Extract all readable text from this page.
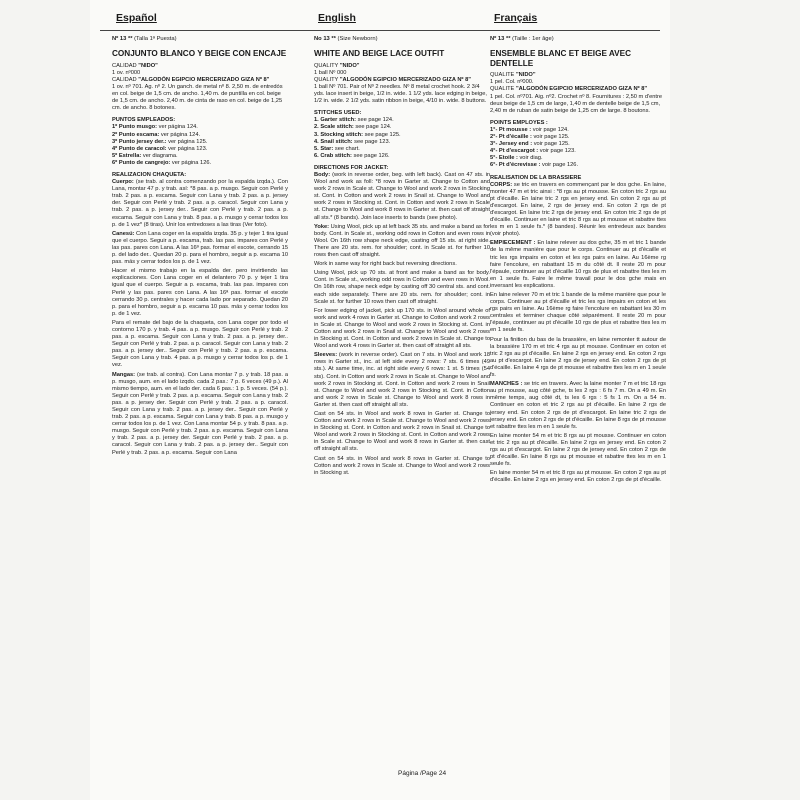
Español	English	Français
Nº 13 ** (Talla 1ª Puesta)
CONJUNTO BLANCO Y BEIGE CON ENCAJE
CALIDAD "NIDO"
1 ov. nº000
CALIDAD "ALGODÓN EGIPCIO MERCERIZADO GIZA Nº 8"
1 ov. nº 701. Ag. nº 2. Un ganch. de metal nº 8. 2,50 m. de entredós en col. beige de 1,5 cm. de ancho. 1,40 m. de puntilla en col. beige de 1,5 cm. de ancho. 2,40 m. de cinta de raso en col. beige de 1,25 cm. de ancho. 8 botones.
PUNTOS EMPLEADOS:
1º Punto musgo: ver página 124.
2º Punto escama: ver página 124.
3º Punto jersey der.: ver página 125.
4º Punto de caracol: ver página 123.
5º Estrella: ver diagrama.
6º Punto de cangrejo: ver página 126.
REALIZACION CHAQUETA:

Cuerpo: (se trab. al contra comenzando por la espalda izqda.). Con Lana, montar 47 p. y trab. así: *8 pas. a p. musgo. Seguir con Perlé y trab. 2 pas. a p. escama. Seguir con Lana y trab. 2 pas. a p. jersey der. Seguir con Perlé y trab. 2 pas. a p. caracol. Seguir con Lana y trab. 2 pas. a p. jersey der.. Seguir con Perlé y trab. 2 pas. a p. escama. Seguir con Lana y trab. 8 pas. a p. musgo y cerrar todos los p. de 1 vez* (8 tiras). Unir los entredoses a las tiras (Ver foto).

Canesú: Con Lana coger en la espalda izqda. 35 p. y tejer 1 tira igual que el cuerpo. Seguir a p. escama, trab. las pas. impares con Perlé y las pas. pares con Lana. A las 16ª pas. formar el escote, cerrando 15 p. del lado der.. Quedan 20 p. para el hombro, seguir a p. escama 10 pas. más y cerrar todos los p. de 1 vez.

Hacer el mismo trabajo en la espalda der. pero invirtiendo las explicaciones. Con Lana coger en el delantero 70 p. y tejer 1 tira igual que el cuerpo. Seguir a p. escama, trab. las pas. impares con Perlé y las pas. pares con Lana. A las 16ª pas. formar el escote cerrando 30 p. centrales y hacer cada lado por separado. Quedan 20 p. para el hombro, seguir a p. escama 10 pas. más y cerrar todos los p. de 1 vez.

Para el remate del bajo de la chaqueta, con Lana coger por todo el contorno 170 p. y trab. 4 pas. a p. musgo. Seguir con Perlé y trab. 2 pas. a p. escama. Seguir con Lana y trab. 2 pas. a p. jersey der.. Seguir con Perlé y trab. 2 pas. a p. caracol. Seguir con Lana y trab. 2 pas. a p. jersey der.. Seguir con Perlé y trab. 2 pas. a p. escama. Seguir con Lana y trab. 4 pas. a p. musgo y cerrar todos los p. de 1 vez.

Mangas: (se trab. al contra). Con Lana montar 7 p. y trab. 18 pas. a p. musgo, aum. en el lado izqdo. cada 2 pas.: 7 p. 6 veces (49 p.). Al mismo tiempo, aum. en el lado der. cada 6 pas.: 1 p. 5 veces. (54 p.). Seguir con Perlé y trab. 2 pas. a p. escama. Seguir con Lana y trab. 2 pas. a p. jersey der. Seguir con Perlé y trab. 2 pas. a p. caracol. Seguir con Lana y trab. 2 pas. a p. jersey der.. Seguir con Perlé y trab. 2 pas. a p. escama. Seguir con Lana y trab. 8 pas. a p. musgo y cerrar todos los p. de 1 vez. Con Lana montar 54 p. y trab. 8 pas. a p. musgo. Seguir con Perlé y trab. 2 pas. a p. escama. Seguir con Lana y trab. 2 pas. a p. jersey der. Seguir con Perlé y trab. 2 pas. a p. caracol. Seguir con Lana y trab. 2 pas. a p. jersey der.. Seguir con Perlé y trab. 2 pas. a p. escama. Seguir con Lana

No 13 ** (Size Newborn)
WHITE AND BEIGE LACE OUTFIT
QUALITY "NIDO"
1 ball Nº 000
QUALITY "ALGODÓN EGIPCIO MERCERIZADO GIZA Nº 8"
1 ball Nº 701. Pair of Nº 2 needles. Nº 8 metal crochet hook. 2 3/4 yds. lace insert in beige, 1/2 in. wide. 1 1/2 yds. lace edging in beige, 1/2 in. wide. 2 1/2 yds. satin ribbon in beige, 4/10 in. wide. 8 buttons.
STITCHES USED:
1. Garter stitch: see page 124.
2. Scale stitch: see page 124.
3. Stocking stitch: see page 125.
4. Snail stitch: see page 123.
5. Star: see chart.
6. Crab stitch: see page 126.
DIRECTIONS FOR JACKET:

Body: (work in reverse order, beg. with left back). Cast on 47 sts. in Wool and work as foll: *8 rows in Garter st. Change to Cotton and work 2 rows in Scale st. Change to Wool and work 2 rows in Stocking st. Cont. in Cotton and work 2 rows in Snail st. Change to Wool and work 2 rows in Stocking st. Cont. in Cotton and work 2 rows in Scale st. Change to Wool and work 8 rows in Garter st. then cast off straight all sts.* (8 bands). Join lace inserts to bands (see photo).

Yoke: Using Wool, pick up at left back 35 sts. and make a band as for body. Cont. in Scale st., working odd rows in Cotton and even rows in Wool. On 16th row shape neck edge, casting off 15 sts. at right side. There are 20 sts. rem. for shoulder; cont. in Scale st. for further 10 rows then cast off straight.

Work in same way for right back but reversing directions.

Using Wool, pick up 70 sts. at front and make a band as for body. Cont. in Scale st., working odd rows in Cotton and even rows in Wool. On 16th row, shape neck edge by casting off 30 central sts. and cont. each side separately. There are 20 sts. rem. for shoulder; cont. in Scale st. for further 10 rows then cast off straight.

For lower edging of jacket, pick up 170 sts. in Wool around whole of work and work 4 rows in Garter st. Change to Cotton and work 2 rows in Scale st. Change to Wool and work 2 rows in Stocking st. Cont. in Cotton and work 2 rows in Snail st. Change to Wool and work 2 rows in Stocking st. Cont. in Cotton and work 2 rows in Scale st. Change to Wool and work 4 rows in Garter st. then cast off straight all sts.

Sleeves: (work in reverse order). Cast on 7 sts. in Wool and work 18 rows in Garter st., inc. at left side every 2 rows: 7 sts. 6 times (49 sts.). At same time, inc. at right side every 6 rows: 1 st. 5 times (54 sts). Cont. in Cotton and work 2 rows in Scale st. Change to Wool and work 2 rows in Stocking st. Cont. in Cotton and work 2 rows in Snail st. Change to Wool and work 2 rows in Stocking st. Cont. in Cotton and work 2 rows in Scale st. Change to Wool and work 8 rows in Garter st. then cast off straight all sts.

Cast on 54 sts. in Wool and work 8 rows in Garter st. Change to Cotton and work 2 rows in Scale st. Change to Wool and work 2 rows in Stocking st. Cont. in Cotton and work 2 rows in Snail st. Change to Wool and work 2 rows in Stocking st. Cont. in Cotton and work 2 rows in Scale st. Change to Wool and work 8 rows in Garter st. then cast off straight all sts.

Cast on 54 sts. in Wool and work 8 rows in Garter st. Change to Cotton and work 2 rows in Scale st. Change to Wool and work 2 rows in Stocking st.

Nº 13 ** (Taille : 1er âge)
ENSEMBLE BLANC ET BEIGE AVEC DENTELLE
QUALITE "NIDO"
1 pel. Col. nº000.
QUALITE "ALGODÓN EGIPCIO MERCERIZADO GIZA Nº 8"
1 pel. Col. nº701. Aig. nº2. Crochet nº 8. Fournitures : 2,50 m d'entre deux beige de 1,5 cm de large, 1,40 m de dentelle beige de 1,5 cm, 2,40 m de ruban de satin beige de 1,25 cm de large. 8 boutons.
POINTS EMPLOYES :
1°- Pt mousse : voir page 124.
2°- Pt d'écaille : voir page 125.
3°- Jersey end : voir page 125.
4°- Pt d'escargot : voir page 123.
5°- Etoile : voir diag.
6°- Pt d'écrevisse : voir page 126.
REALISATION DE LA BRASSIERE

CORPS: se tric en travers en commençant par le dos gche. En laine, monter 47 m et tric ainsi : *8 rgs au pt mousse. En coton tric 2 rgs au pt d'écaille. En laine tric 2 rgs en jersey end. En coton 2 rgs au pt d'escargot. En laine, 2 rgs de jersey end. En coton 2 rgs de pt d'escargot. En laine tric 2 rgs de jersey end. En coton tric 2 rgs de pt d'écaille. Continuer en laine et tric 8 rgs au pt mousse et rabattre ttes les m en 1 seule fs.* (8 bandes). Réunir les entredeux aux bandes (voir photo).

EMPIECEMENT : En laine relever au dos gche, 35 m et tric 1 bande de la même manière que pour le corps. Continuer au pt d'écaille et tric les rgs impairs en coton et les rgs pairs en laine. Au 16ème rg faire l'encolure, en rabattant 15 m du côté dt. Il reste 20 m pour l'épaule, continuer au pt d'écaille 10 rgs de plus et rabattre ttes les m en 1 seule fs. Faire le même travail pour le dos gche mais en inversant les explications.

En laine relever 70 m et tric 1 bande de la même manière que pour le corps. Continuer au pt d'écaille et tric les rgs impairs en coton et les rgs pairs en laine. Au 16ème rg faire l'encolure en rabattant les 30 m centrales et terminer chaque côté séparément. Il reste 20 m pour l'épaule, continuer au pt d'écaille 10 rgs de plus et rabattre ttes les m en 1 seule fs.

Pour la finition du bas de la brassière, en laine remonter tt autour de la brassière 170 m et tric 4 rgs au pt mousse. Continuer en coton et tric 2 rgs au pt d'écaille. En laine 2 rgs en jersey end. En coton 2 rgs au pt d'escargot. En laine 2 rgs de jersey end. En coton 2 rgs de pt d'écaille. En laine 4 rgs de pt mousse et rabattre ttes les m en 1 seule fs.

MANCHES : se tric en travers. Avec la laine monter 7 m et tric 18 rgs au pt mousse, aug côté gche, ts les 2 rgs : 6 fs 7 m. On a 49 m. En même temps, aug côté dt, ts les 6 rgs : 5 fs 1 m. On a 54 m. Continuer en coton et tric 2 rgs au pt d'écaille. En laine 2 rgs de jersey end. En coton 2 rgs de pt d'escargot. En laine tric 2 rgs de jersey end. En coton 2 rgs de pt d'écaille. En laine 8 rgs de pt mousse et rabattre ttes les m en 1 seule fs.

En laine monter 54 m et tric 8 rgs au pt mousse. Continuer en coton et tric 2 rgs au pt d'écaille. En laine 2 rgs en jersey end. En coton 2 rgs au pt d'escargot. En laine 2 rgs de jersey end. En coton 2 rgs de pt d'écaille. En laine 8 rgs au pt mousse et rabattre ttes les m en 1 seule fs.

En laine monter 54 m et tric 8 rgs au pt mousse. En coton 2 rgs au pt d'écaille. En laine 2 rgs en jersey end. En coton 2 rgs de pt d'écaille.

Página /Page 24
